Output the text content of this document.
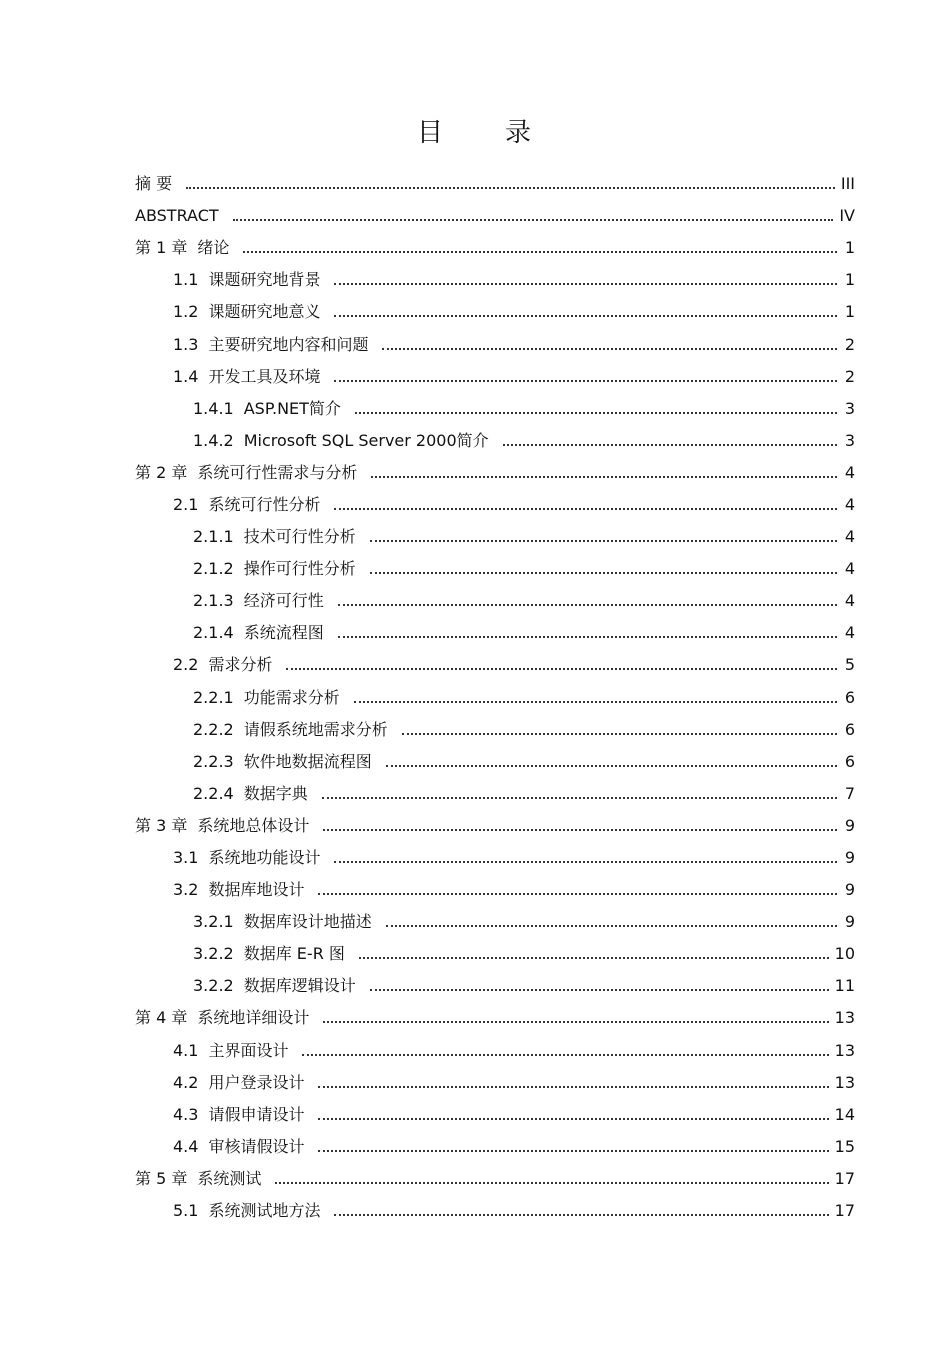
目 录
摘 要	III
ABSTRACT	IV
第 1 章 绪论	1
1.1 课题研究地背景	1
1.2 课题研究地意义	1
1.3 主要研究地内容和问题	2
1.4 开发工具及环境	2
1.4.1 ASP.NET简介	3
1.4.2 Microsoft SQL Server 2000简介	3
第 2 章 系统可行性需求与分析	4
2.1 系统可行性分析	4
2.1.1 技术可行性分析	4
2.1.2 操作可行性分析	4
2.1.3 经济可行性	4
2.1.4 系统流程图	4
2.2 需求分析	5
2.2.1 功能需求分析	6
2.2.2 请假系统地需求分析	6
2.2.3 软件地数据流程图	6
2.2.4 数据字典	7
第 3 章 系统地总体设计	9
3.1 系统地功能设计	9
3.2 数据库地设计	9
3.2.1 数据库设计地描述	9
3.2.2 数据库 E-R 图	10
3.2.2 数据库逻辑设计	11
第 4 章 系统地详细设计	13
4.1 主界面设计	13
4.2 用户登录设计	13
4.3 请假申请设计	14
4.4 审核请假设计	15
第 5 章 系统测试	17
5.1 系统测试地方法	17
